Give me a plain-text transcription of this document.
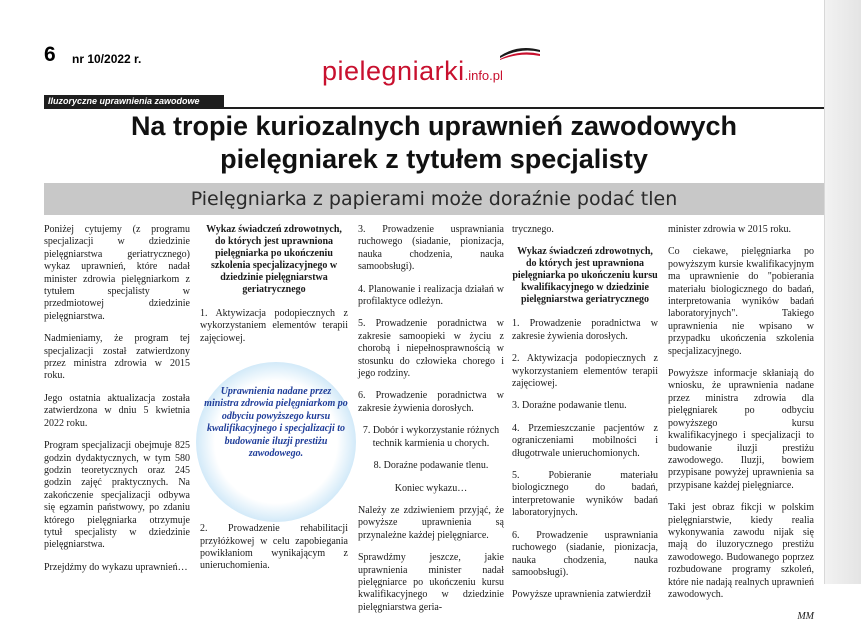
6 nr 10/2022 r.	pielegniarki.info.pl
Iluzoryczne uprawnienia zawodowe
Na tropie kuriozalnych uprawnień zawodowych
pielęgniarek z tytułem specjalisty
Pielęgniarka z papierami może doraźnie podać tlen

Poniżej cytujemy (z programu specjalizacji w dziedzinie pielęgniarstwa geriatrycznego) wykaz uprawnień, które nadał minister zdrowia pielęgniarkom z tytułem specjalisty w przedmiotowej dziedzinie pielęgniarstwa.

Nadmieniamy, że program tej specjalizacji został zatwierdzony przez ministra zdrowia w 2015 roku.

Jego ostatnia aktualizacja została zatwierdzona w dniu 5 kwietnia 2022 roku.

Program specjalizacji obejmuje 825 godzin dydaktycznych, w tym 580 godzin teoretycznych oraz 245 godzin zajęć praktycznych. Na zakończenie specjalizacji odbywa się egzamin państwowy, po zdaniu którego pielęgniarka otrzymuje tytuł specjalisty w dziedzinie pielęgniarstwa.

Przejdźmy do wykazu uprawnień…

Wykaz świadczeń zdrowotnych, do których jest uprawniona pielęgniarka po ukończeniu szkolenia specjalizacyjnego w dziedzinie pielęgniarstwa geriatrycznego

1. Aktywizacja podopiecznych z wykorzystaniem elementów terapii zajęciowej.

2. Prowadzenie rehabilitacji przyłóżkowej w celu zapobiegania powikłaniom wynikającym z unieruchomienia.

Uprawnienia nadane przez ministra zdrowia pielęgniarkom po odbyciu powyższego kursu kwalifikacyjnego i specjalizacji to budowanie iluzji prestiżu zawodowego.

3. Prowadzenie usprawniania ruchowego (siadanie, pionizacja, nauka chodzenia, nauka samoobsługi).

4. Planowanie i realizacja działań w profilaktyce odleżyn.

5. Prowadzenie poradnictwa w zakresie samoopieki w życiu z chorobą i niepełnosprawnością w stosunku do człowieka chorego i jego rodziny.

6. Prowadzenie poradnictwa w zakresie żywienia dorosłych.

7. Dobór i wykorzystanie różnych technik karmienia u chorych.

8. Doraźne podawanie tlenu.

Koniec wykazu…

Należy ze zdziwieniem przyjąć, że powyższe uprawnienia są przynależne każdej pielęgniarce.

Sprawdźmy jeszcze, jakie uprawnienia minister nadał pielęgniarce po ukończeniu kursu kwalifikacyjnego w dziedzinie pielęgniarstwa geria-

trycznego.

Wykaz świadczeń zdrowotnych, do których jest uprawniona pielęgniarka po ukończeniu kursu kwalifikacyjnego w dziedzinie pielęgniarstwa geriatrycznego

1. Prowadzenie poradnictwa w zakresie żywienia dorosłych.

2. Aktywizacja podopiecznych z wykorzystaniem elementów terapii zajęciowej.

3. Doraźne podawanie tlenu.

4. Przemieszczanie pacjentów z ograniczeniami mobilności i długotrwale unieruchomionych.

5. Pobieranie materiału biologicznego do badań, interpretowanie wyników badań laboratoryjnych.

6. Prowadzenie usprawniania ruchowego (siadanie, pionizacja, nauka chodzenia, nauka samoobsługi).

Powyższe uprawnienia zatwierdził

minister zdrowia w 2015 roku.

Co ciekawe, pielęgniarka po powyższym kursie kwalifikacyjnym ma uprawnienie do "pobierania materiału biologicznego do badań, interpretowania wyników badań laboratoryjnych". Takiego uprawnienia nie wpisano w przypadku ukończenia szkolenia specjalizacyjnego.

Powyższe informacje skłaniają do wniosku, że uprawnienia nadane przez ministra zdrowia dla pielęgniarek po odbyciu powyższego kursu kwalifikacyjnego i specjalizacji to budowanie iluzji prestiżu zawodowego. Iluzji, bowiem przypisane powyżej uprawnienia sa przypisane każdej pielęgniarce.

Taki jest obraz fikcji w polskim pielęgniarstwie, kiedy realia wykonywania zawodu nijak się mają do iluzorycznego prestiżu zawodowego. Budowanego poprzez rozbudowane programy szkoleń, które nie nadają realnych uprawnień zawodowych.

MM
